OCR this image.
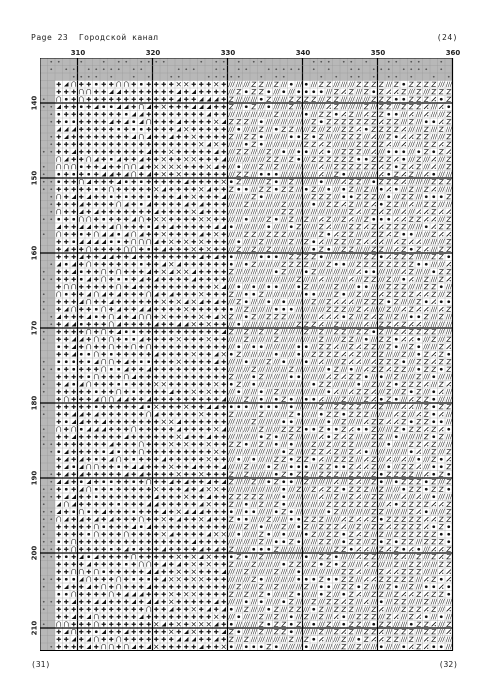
Page 23  Городской канал	(24)
310	320	330	340	350	360
140
150
160
170
180
190
200
210
(31)	(32)
